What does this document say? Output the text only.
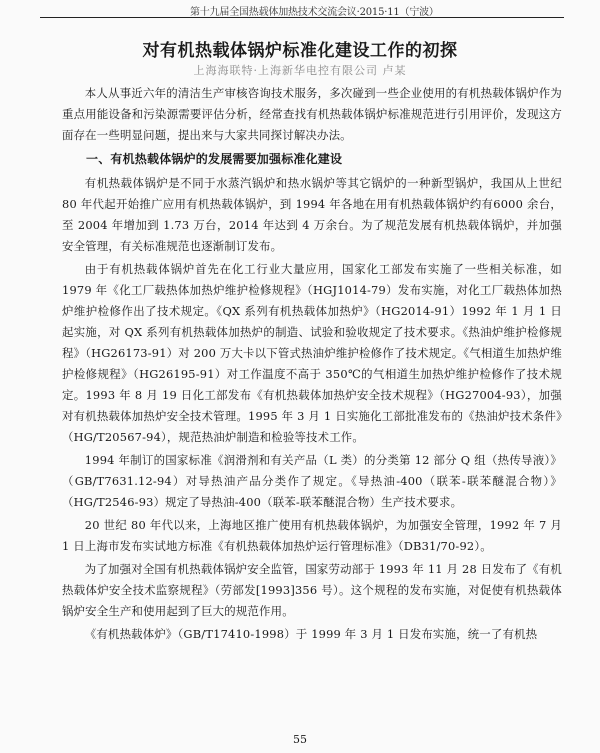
第十九届全国热载体加热技术交流会议·2015·11（宁波）
对有机热载体锅炉标准化建设工作的初探
上海海联特·上海新华电控有限公司 卢某

本人从事近六年的清洁生产审核咨询技术服务，多次碰到一些企业使用的有机热载体锅炉作为重点用能设备和污染源需要评估分析，经常查找有机热载体锅炉标准规范进行引用评价，发现这方面存在一些明显问题，提出来与大家共同探讨解决办法。

一、有机热载体锅炉的发展需要加强标准化建设

有机热载体锅炉是不同于水蒸汽锅炉和热水锅炉等其它锅炉的一种新型锅炉，我国从上世纪 80 年代起开始推广应用有机热载体锅炉，到 1994 年各地在用有机热载体锅炉约有6000 余台，至 2004 年增加到 1.73 万台，2014 年达到 4 万余台。为了规范发展有机热载体锅炉，并加强安全管理，有关标准规范也逐渐制订发布。

由于有机热载体锅炉首先在化工行业大量应用，国家化工部发布实施了一些相关标准，如 1979 年《化工厂载热体加热炉维护检修规程》（HGJ1014-79）发布实施，对化工厂载热体加热炉维护检修作出了技术规定。《QX 系列有机热载体加热炉》（HG2014-91）1992 年 1 月 1 日起实施，对 QX 系列有机热载体加热炉的制造、试验和验收规定了技术要求。《热油炉维护检修规程》（HG26173-91）对 200 万大卡以下管式热油炉维护检修作了技术规定。《气相道生加热炉维护检修规程》（HG26195-91）对工作温度不高于 350℃的气相道生加热炉维护检修作了技术规定。1993 年 8 月 19 日化工部发布《有机热载体加热炉安全技术规程》（HG27004-93），加强对有机热载体加热炉安全技术管理。1995 年 3 月 1 日实施化工部批准发布的《热油炉技术条件》（HG/T20567-94），规范热油炉制造和检验等技术工作。

1994 年制订的国家标准《润滑剂和有关产品（L 类）的分类第 12 部分 Q 组（热传导液）》（GB/T7631.12-94）对导热油产品分类作了规定。《导热油-400（联苯-联苯醚混合物）》（HG/T2546-93）规定了导热油-400（联苯-联苯醚混合物）生产技术要求。

20 世纪 80 年代以来，上海地区推广使用有机热载体锅炉，为加强安全管理，1992 年 7 月 1 日上海市发布实试地方标准《有机热载体加热炉运行管理标准》（DB31/70-92）。

为了加强对全国有机热载体锅炉安全监管，国家劳动部于 1993 年 11 月 28 日发布了《有机热载体炉安全技术监察规程》（劳部发[1993]356 号）。这个规程的发布实施，对促使有机热载体锅炉安全生产和使用起到了巨大的规范作用。

《有机热载体炉》（GB/T17410-1998）于 1999 年 3 月 1 日发布实施，统一了有机热

55
